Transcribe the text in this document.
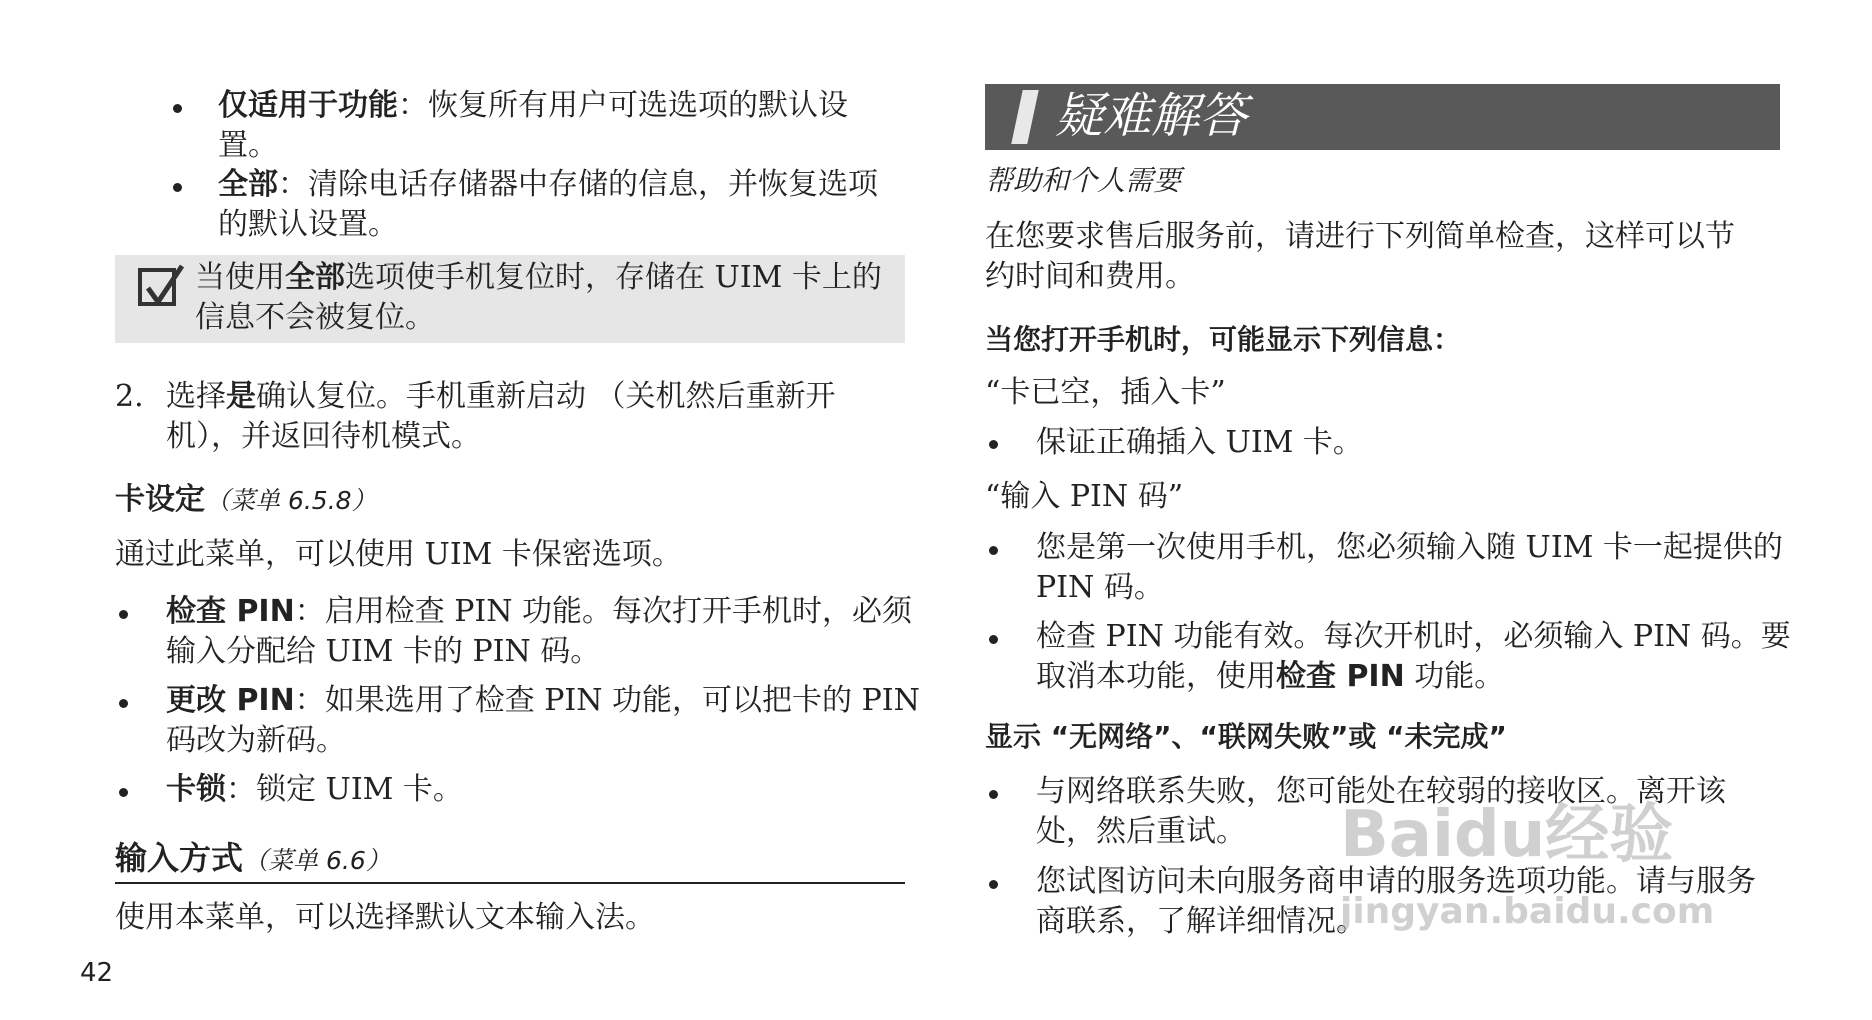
仅适用于功能：恢复所有用户可选选项的默认设
置。
全部：清除电话存储器中存储的信息，并恢复选项
的默认设置。
当使用全部选项使手机复位时，存储在 UIM 卡上的
信息不会被复位。
2. 选择是确认复位。手机重新启动 （关机然后重新开
机），并返回待机模式。
卡设定（菜单 6.5.8）
通过此菜单，可以使用 UIM 卡保密选项。
检查 PIN：启用检查 PIN 功能。每次打开手机时，必须
输入分配给 UIM 卡的 PIN 码。
更改 PIN：如果选用了检查 PIN 功能，可以把卡的 PIN
码改为新码。
卡锁：锁定 UIM 卡。
输入方式（菜单 6.6）
使用本菜单，可以选择默认文本输入法。
42
疑难解答
帮助和个人需要
在您要求售后服务前，请进行下列简单检查，这样可以节
约时间和费用。
当您打开手机时，可能显示下列信息：
“卡已空，插入卡”
保证正确插入 UIM 卡。
“输入 PIN 码”
您是第一次使用手机，您必须输入随 UIM 卡一起提供的
PIN 码。
检查 PIN 功能有效。每次开机时，必须输入 PIN 码。要
取消本功能，使用检查 PIN 功能。
显示 “无网络”、“联网失败”或 “未完成”
与网络联系失败，您可能处在较弱的接收区。离开该
处，然后重试。
您试图访问未向服务商申请的服务选项功能。请与服务
商联系，了解详细情况。
Baidu经验
jingyan.baidu.com
